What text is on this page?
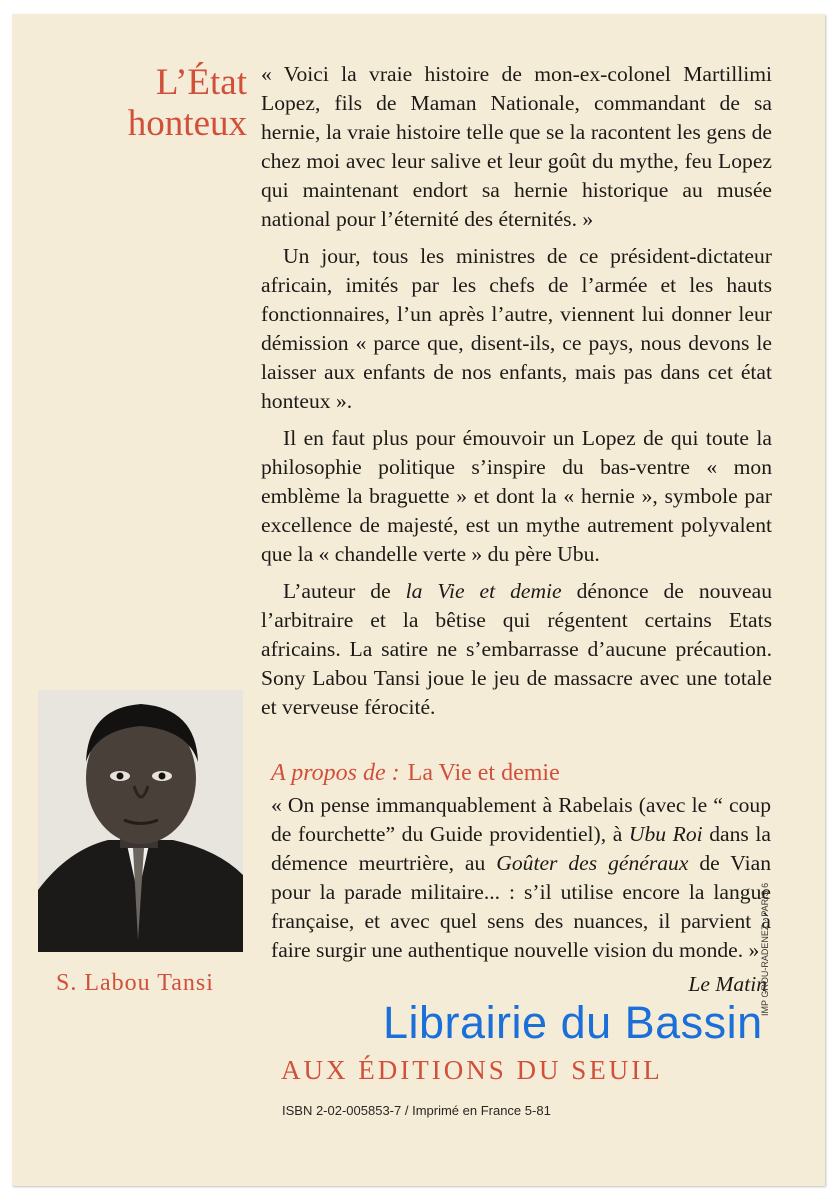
L’État
honteux

« Voici la vraie histoire de mon-ex-colonel Martillimi Lopez, fils de Maman Nationale, commandant de sa hernie, la vraie histoire telle que se la racontent les gens de chez moi avec leur salive et leur goût du mythe, feu Lopez qui maintenant endort sa hernie historique au musée national pour l’éternité des éternités. »

Un jour, tous les ministres de ce président-dictateur africain, imités par les chefs de l’armée et les hauts fonctionnaires, l’un après l’autre, viennent lui donner leur démission « parce que, disent-ils, ce pays, nous devons le laisser aux enfants de nos enfants, mais pas dans cet état honteux ».

Il en faut plus pour émouvoir un Lopez de qui toute la philosophie politique s’inspire du bas-ventre « mon emblème la braguette » et dont la « hernie », symbole par excellence de majesté, est un mythe autrement polyvalent que la « chandelle verte » du père Ubu.

L’auteur de la Vie et demie dénonce de nouveau l’arbitraire et la bêtise qui régentent certains Etats africains. La satire ne s’embarrasse d’aucune précaution. Sony Labou Tansi joue le jeu de massacre avec une totale et verveuse férocité.

A propos de : La Vie et demie

« On pense immanquablement à Rabelais (avec le “ coup de fourchette” du Guide providentiel), à Ubu Roi dans la démence meurtrière, au Goûter des généraux de Vian pour la parade militaire... : s’il utilise encore la langue française, et avec quel sens des nuances, il parvient à faire surgir une authentique nouvelle vision du monde. »

Le Matin
S. Labou Tansi
AUX ÉDITIONS DU SEUIL
ISBN 2-02-005853-7 / Imprimé en France 5-81
IMP GROU-RADENEZ · PARIS 6
Librairie du Bassin
